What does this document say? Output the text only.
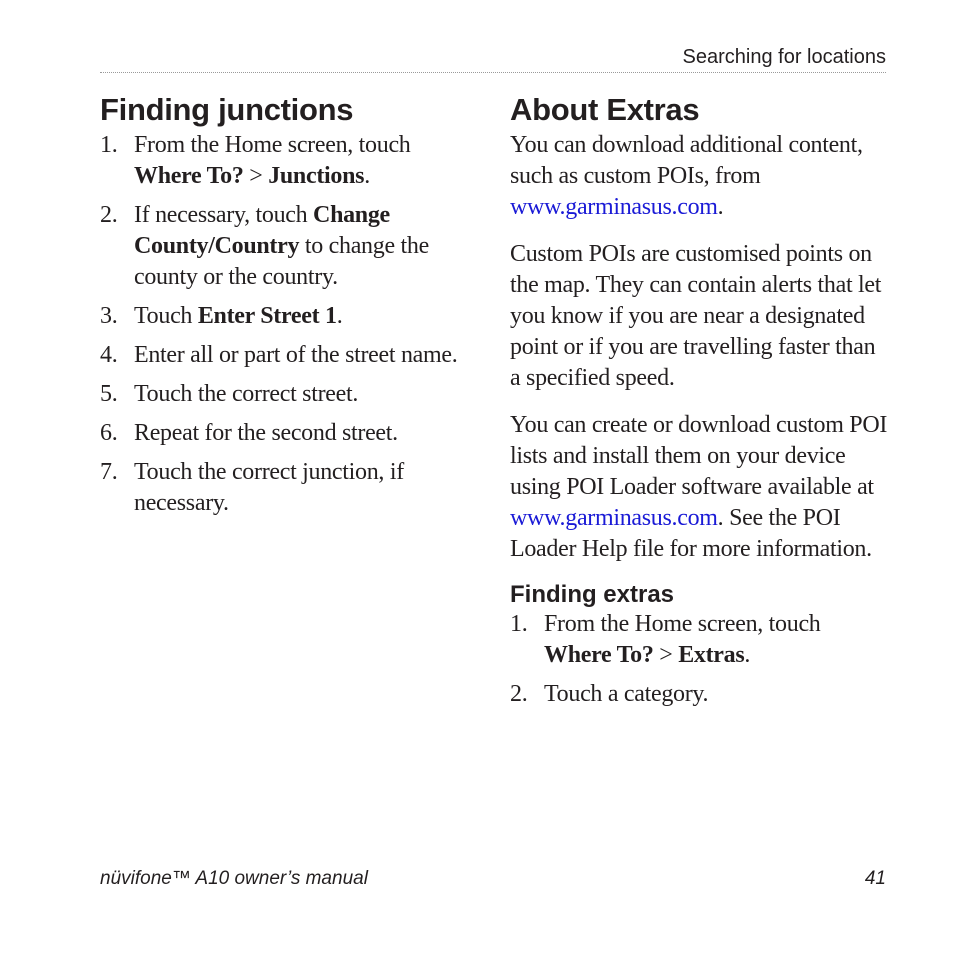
Searching for locations
Finding junctions
1. From the Home screen, touch Where To? > Junctions.
2. If necessary, touch Change County/Country to change the county or the country.
3. Touch Enter Street 1.
4. Enter all or part of the street name.
5. Touch the correct street.
6. Repeat for the second street.
7. Touch the correct junction, if necessary.
About Extras

You can download additional content, such as custom POIs, from www.garminasus.com.

Custom POIs are customised points on the map. They can contain alerts that let you know if you are near a designated point or if you are travelling faster than a specified speed.

You can create or download custom POI lists and install them on your device using POI Loader software available at www.garminasus.com. See the POI Loader Help file for more information.

Finding extras
1. From the Home screen, touch Where To? > Extras.
2. Touch a category.
nüvifone™ A10 owner’s manual	41
